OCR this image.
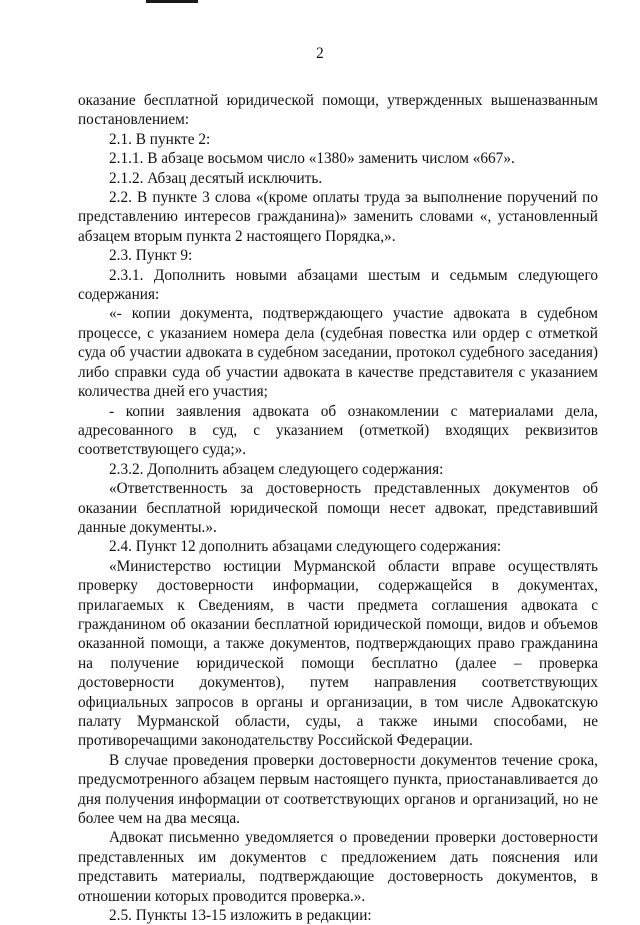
2

оказание бесплатной юридической помощи, утвержденных вышеназванным постановлением:

2.1. В пункте 2:

2.1.1. В абзаце восьмом число «1380» заменить числом «667».

2.1.2. Абзац десятый исключить.

2.2. В пункте 3 слова «(кроме оплаты труда за выполнение поручений по представлению интересов гражданина)» заменить словами «, установленный абзацем вторым пункта 2 настоящего Порядка,».

2.3. Пункт 9:

2.3.1. Дополнить новыми абзацами шестым и седьмым следующего содержания:

«- копии документа, подтверждающего участие адвоката в судебном процессе, с указанием номера дела (судебная повестка или ордер с отметкой суда об участии адвоката в судебном заседании, протокол судебного заседания) либо справки суда об участии адвоката в качестве представителя с указанием количества дней его участия;

- копии заявления адвоката об ознакомлении с материалами дела, адресованного в суд, с указанием (отметкой) входящих реквизитов соответствующего суда;».

2.3.2. Дополнить абзацем следующего содержания:

«Ответственность за достоверность представленных документов об оказании бесплатной юридической помощи несет адвокат, представивший данные документы.».

2.4. Пункт 12 дополнить абзацами следующего содержания:

«Министерство юстиции Мурманской области вправе осуществлять проверку достоверности информации, содержащейся в документах, прилагаемых к Сведениям, в части предмета соглашения адвоката с гражданином об оказании бесплатной юридической помощи, видов и объемов оказанной помощи, а также документов, подтверждающих право гражданина на получение юридической помощи бесплатно (далее – проверка достоверности документов), путем направления соответствующих официальных запросов в органы и организации, в том числе Адвокатскую палату Мурманской области, суды, а также иными способами, не противоречащими законодательству Российской Федерации.

В случае проведения проверки достоверности документов течение срока, предусмотренного абзацем первым настоящего пункта, приостанавливается до дня получения информации от соответствующих органов и организаций, но не более чем на два месяца.

Адвокат письменно уведомляется о проведении проверки достоверности представленных им документов с предложением дать пояснения или представить материалы, подтверждающие достоверность документов, в отношении которых проводится проверка.».

2.5. Пункты 13-15 изложить в редакции:
